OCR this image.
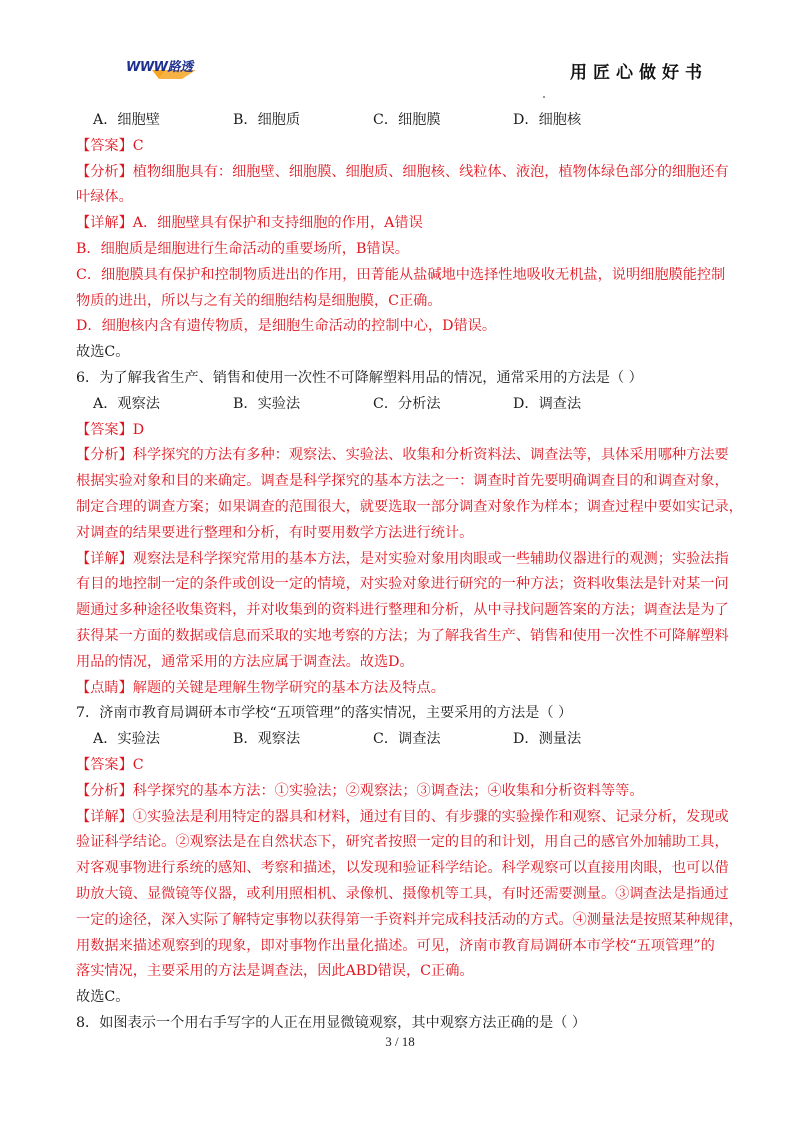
WWW路透	用匠心做好书
A．细胞壁	B．细胞质	C．细胞膜	D．细胞核
【答案】C
【分析】植物细胞具有：细胞壁、细胞膜、细胞质、细胞核、线粒体、液泡，植物体绿色部分的细胞还有
叶绿体。
【详解】A．细胞壁具有保护和支持细胞的作用，A错误
B．细胞质是细胞进行生命活动的重要场所，B错误。
C．细胞膜具有保护和控制物质进出的作用，田菁能从盐碱地中选择性地吸收无机盐，说明细胞膜能控制
物质的进出，所以与之有关的细胞结构是细胞膜，C正确。
D．细胞核内含有遗传物质，是细胞生命活动的控制中心，D错误。
故选C。
6．为了解我省生产、销售和使用一次性不可降解塑料用品的情况，通常采用的方法是（ ）
A．观察法	B．实验法	C．分析法	D．调查法
【答案】D
【分析】科学探究的方法有多种：观察法、实验法、收集和分析资料法、调查法等，具体采用哪种方法要
根据实验对象和目的来确定。调查是科学探究的基本方法之一：调查时首先要明确调查目的和调查对象，
制定合理的调查方案；如果调查的范围很大，就要选取一部分调查对象作为样本；调查过程中要如实记录，
对调查的结果要进行整理和分析，有时要用数学方法进行统计。
【详解】观察法是科学探究常用的基本方法，是对实验对象用肉眼或一些辅助仪器进行的观测；实验法指
有目的地控制一定的条件或创设一定的情境，对实验对象进行研究的一种方法；资料收集法是针对某一问
题通过多种途径收集资料，并对收集到的资料进行整理和分析，从中寻找问题答案的方法；调查法是为了
获得某一方面的数据或信息而采取的实地考察的方法；为了解我省生产、销售和使用一次性不可降解塑料
用品的情况，通常采用的方法应属于调查法。故选D。
【点睛】解题的关键是理解生物学研究的基本方法及特点。
7．济南市教育局调研本市学校“五项管理”的落实情况，主要采用的方法是（ ）
A．实验法	B．观察法	C．调查法	D．测量法
【答案】C
【分析】科学探究的基本方法：①实验法；②观察法；③调查法；④收集和分析资料等等。
【详解】①实验法是利用特定的器具和材料，通过有目的、有步骤的实验操作和观察、记录分析，发现或
验证科学结论。②观察法是在自然状态下，研究者按照一定的目的和计划，用自己的感官外加辅助工具，
对客观事物进行系统的感知、考察和描述，以发现和验证科学结论。科学观察可以直接用肉眼，也可以借
助放大镜、显微镜等仪器，或利用照相机、录像机、摄像机等工具，有时还需要测量。③调查法是指通过
一定的途径，深入实际了解特定事物以获得第一手资料并完成科技活动的方式。④测量法是按照某种规律，
用数据来描述观察到的现象，即对事物作出量化描述。可见，济南市教育局调研本市学校“五项管理”的
落实情况，主要采用的方法是调查法，因此ABD错误，C正确。
故选C。
8．如图表示一个用右手写字的人正在用显微镜观察，其中观察方法正确的是（ ）
3 / 18
